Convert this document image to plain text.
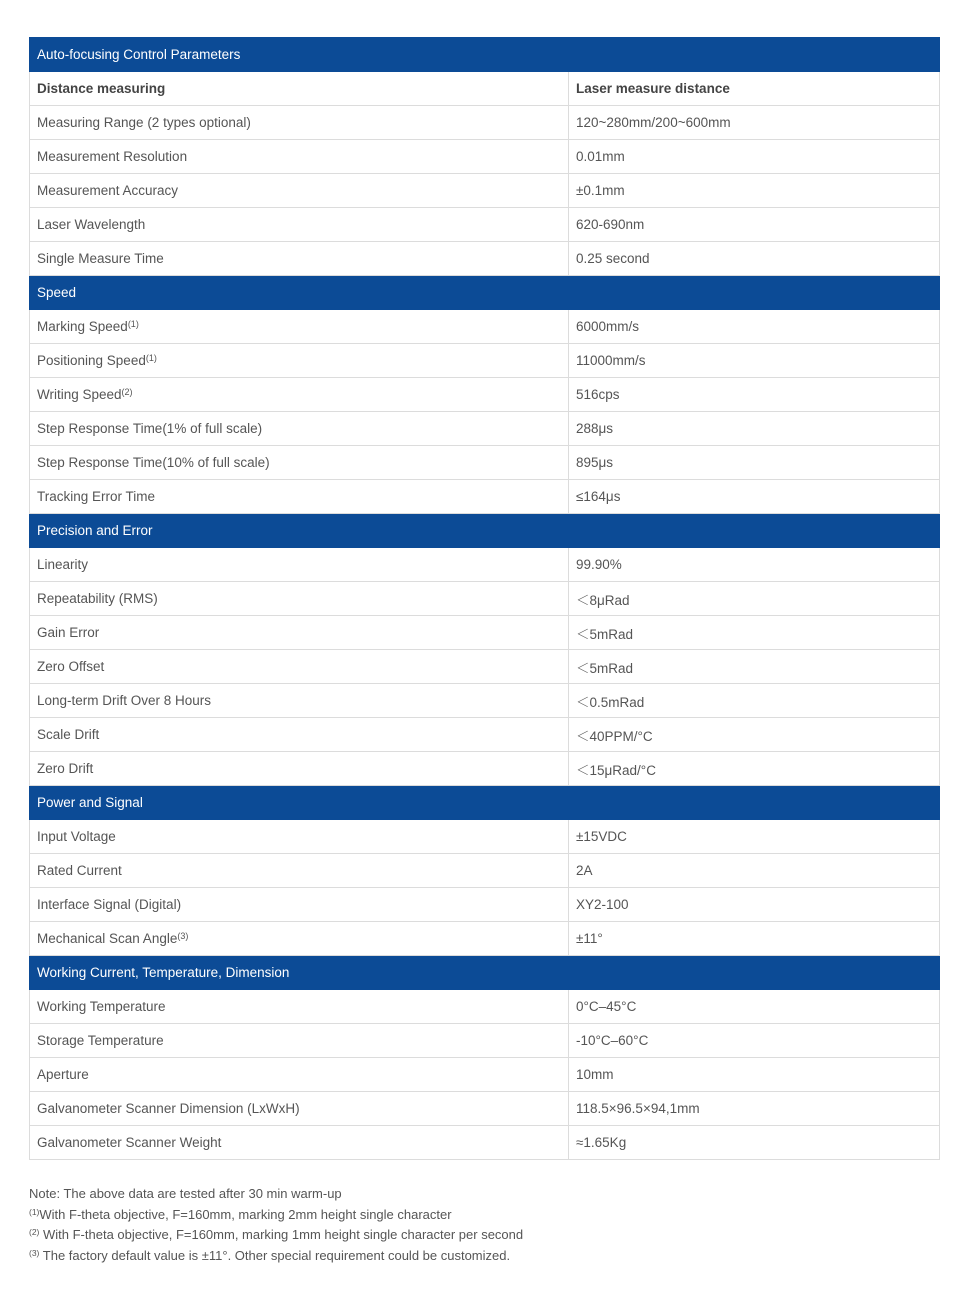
Auto-focusing Control Parameters	
Distance measuring	Laser measure distance
Measuring Range (2 types optional)	120~280mm/200~600mm
Measurement Resolution	0.01mm
Measurement Accuracy	±0.1mm
Laser Wavelength	620-690nm
Single Measure Time	0.25 second
Speed	
Marking Speed$^{(1)}$	6000mm/s
Positioning Speed$^{(1)}$	11000mm/s
Writing Speed$^{(2)}$	516cps
Step Response Time(1% of full scale)	288μs
Step Response Time(10% of full scale)	895μs
Tracking Error Time	≤164μs
Precision and Error	
Linearity	99.90%
Repeatability (RMS)	＜8μRad
Gain Error	＜5mRad
Zero Offset	＜5mRad
Long-term Drift Over 8 Hours	＜0.5mRad
Scale Drift	＜40PPM/°C
Zero Drift	＜15μRad/°C
Power and Signal	
Input Voltage	±15VDC
Rated Current	2A
Interface Signal (Digital)	XY2-100
Mechanical Scan Angle$^{(3)}$	±11°
Working Current, Temperature, Dimension	
Working Temperature	0°C–45°C
Storage Temperature	-10°C–60°C
Aperture	10mm
Galvanometer Scanner Dimension (LxWxH)	118.5×96.5×94,1mm
Galvanometer Scanner Weight	≈1.65Kg
Note: The above data are tested after 30 min warm-up
$^{(1)}$With F-theta objective, F=160mm, marking 2mm height single character
$^{(2)}$ With F-theta objective, F=160mm, marking 1mm height single character per second
$^{(3)}$ The factory default value is ±11°. Other special requirement could be customized.
